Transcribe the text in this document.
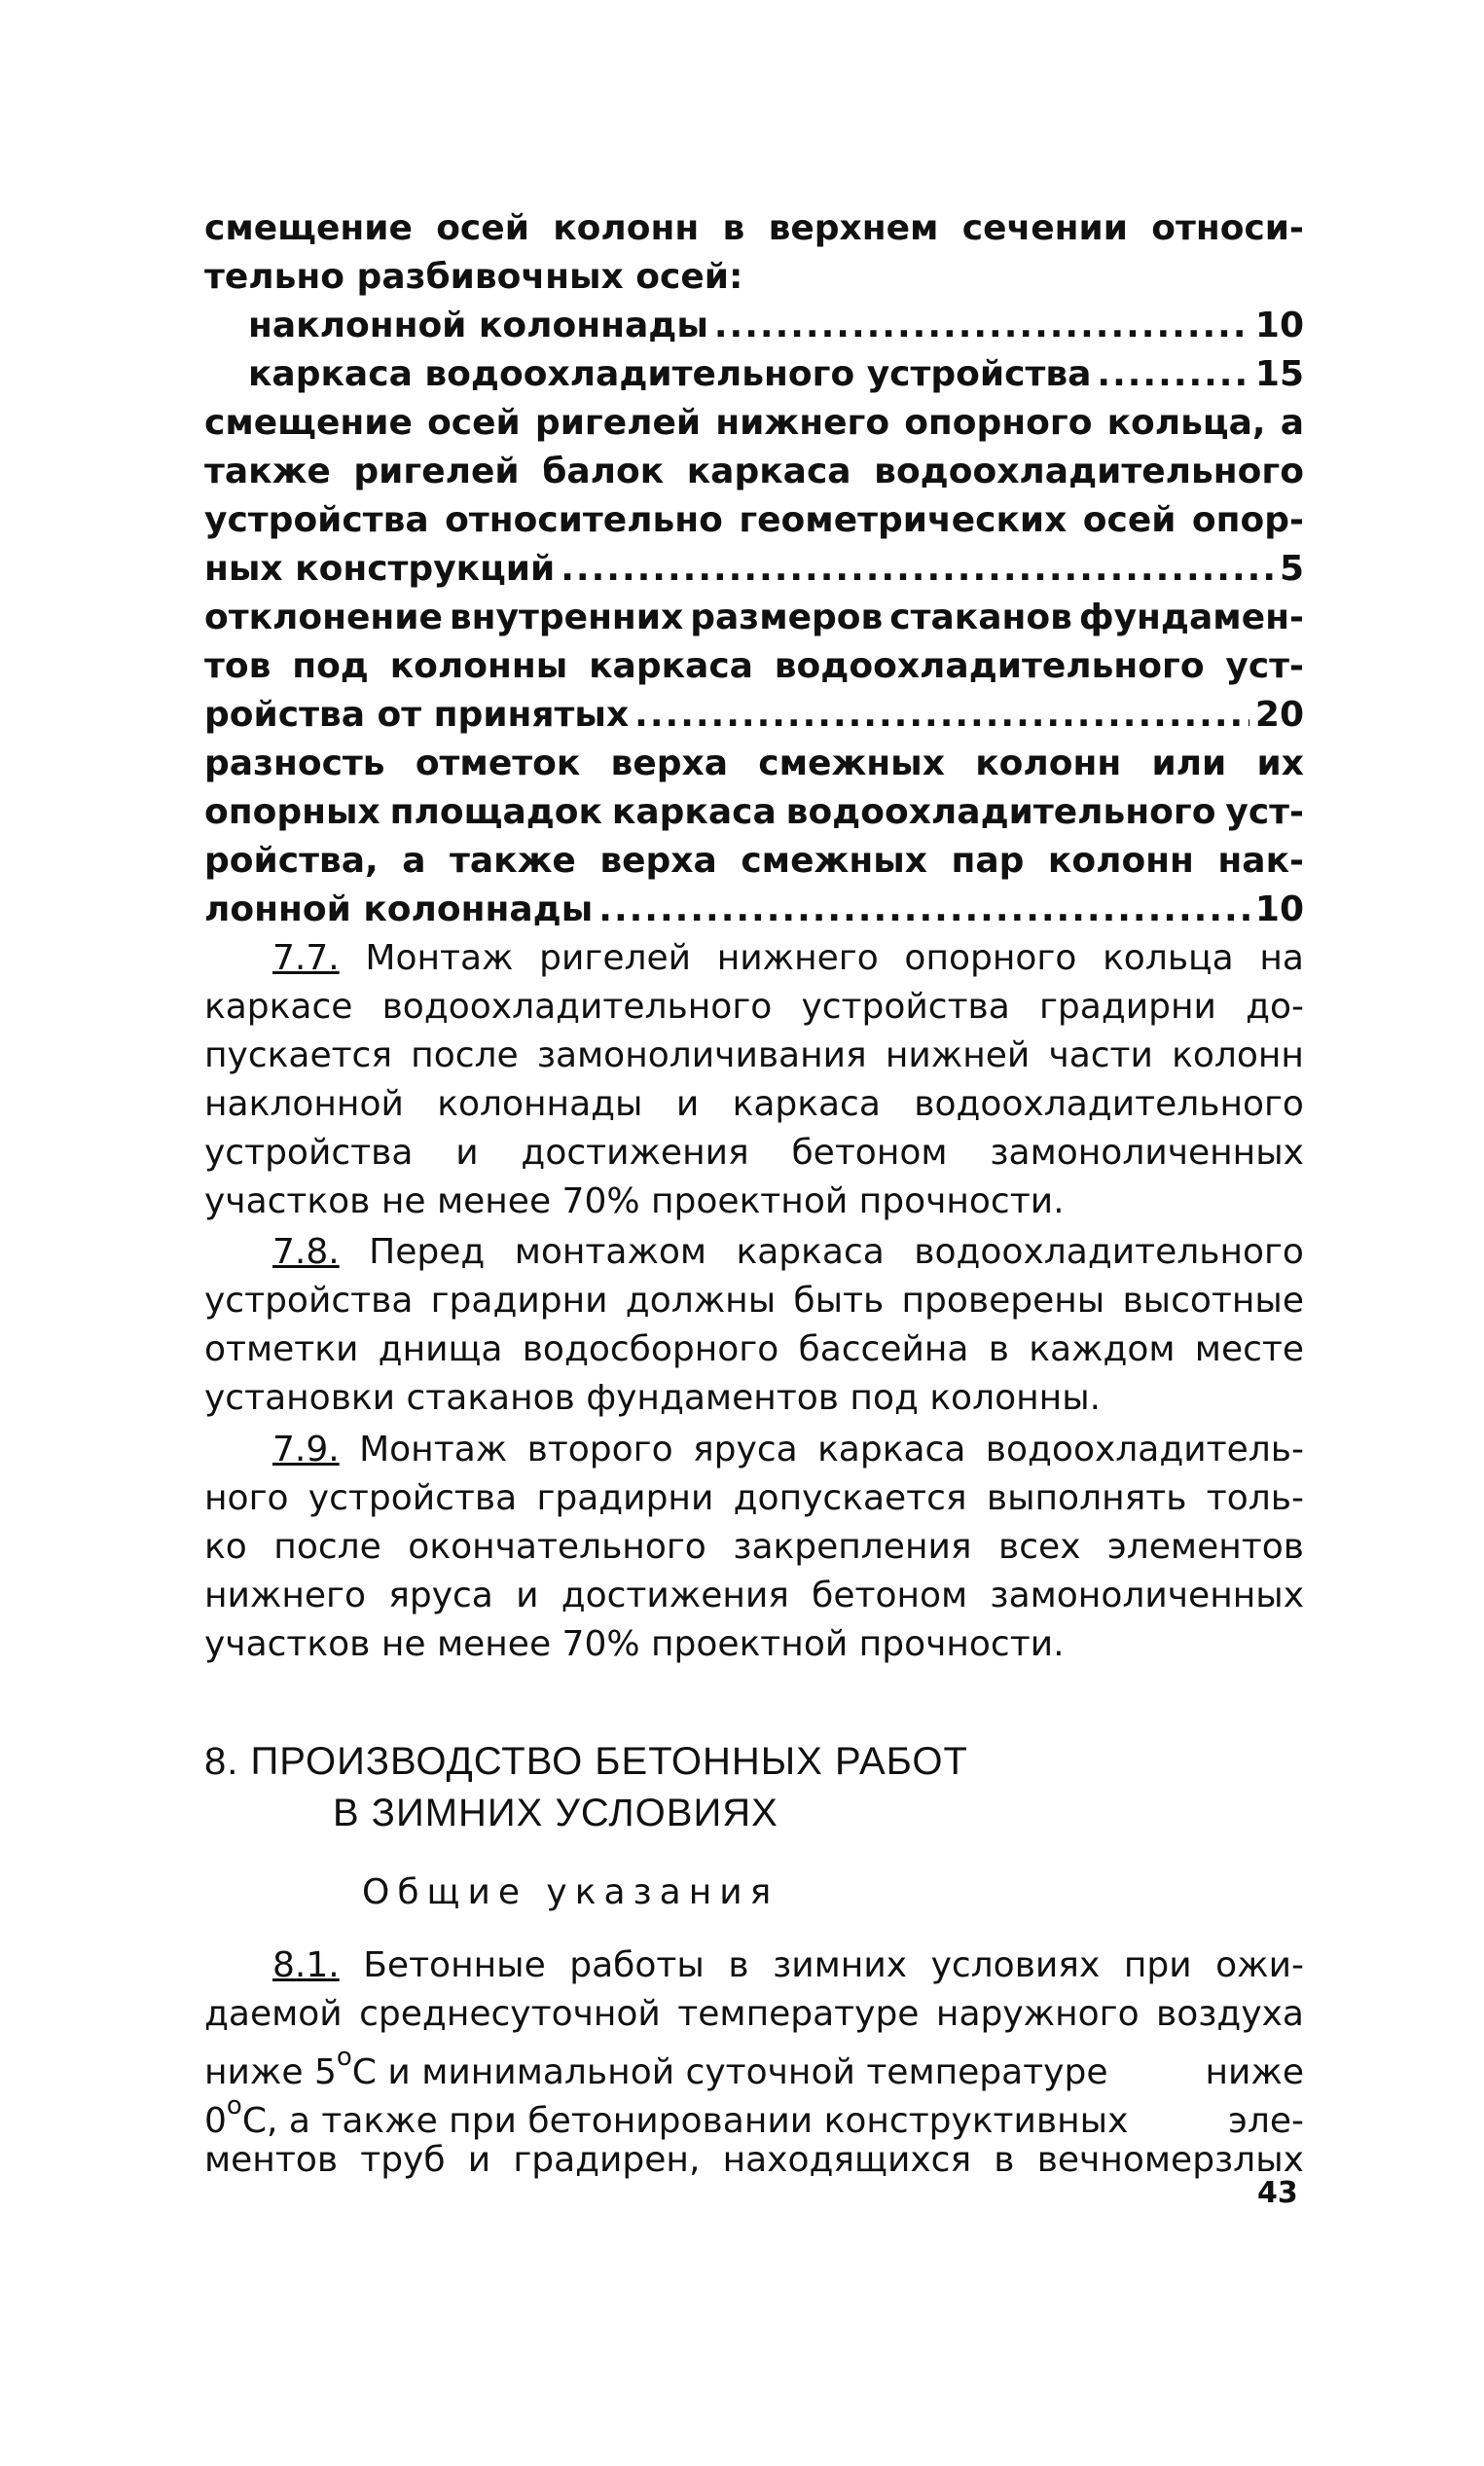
смещение осей колонн в верхнем сечении относи-
тельно разбивочных осей:
наклонной колоннады .....	10
каркаса водоохладительного устройства .....	15
смещение осей ригелей нижнего опорного кольца, а
также ригелей балок каркаса водоохладительного
устройства относительно геометрических осей опор-
ных конструкций .....	5
отклонение внутренних размеров стаканов фундамен-
тов под колонны каркаса водоохладительного уст-
ройства от принятых .....	20
разность отметок верха смежных колонн или их
опорных площадок каркаса водоохладительного уст-
ройства, а также верха смежных пар колонн нак-
лонной колоннады .....	10
7.7. Монтаж ригелей нижнего опорного кольца на
каркасе водоохладительного устройства градирни до-
пускается после замоноличивания нижней части колонн
наклонной колоннады и каркаса водоохладительного
устройства и достижения бетоном замоноличенных
участков не менее 70% проектной прочности.
7.8. Перед монтажом каркаса водоохладительного
устройства градирни должны быть проверены высотные
отметки днища водосборного бассейна в каждом месте
установки стаканов фундаментов под колонны.
7.9. Монтаж второго яруса каркаса водоохладитель-
ного устройства градирни допускается выполнять толь-
ко после окончательного закрепления всех элементов
нижнего яруса и достижения бетоном замоноличенных
участков не менее 70% проектной прочности.
8. ПРОИЗВОДСТВО БЕТОННЫХ РАБОТ
В ЗИМНИХ УСЛОВИЯХ
Общие указания
8.1. Бетонные работы в зимних условиях при ожи-
даемой среднесуточной температуре наружного воздуха
ниже $5^оС$ и минимальной суточной температуре	ниже
$0^оС$, а также при бетонировании конструктивных	эле-
ментов труб и градирен, находящихся в вечномерзлых
43
